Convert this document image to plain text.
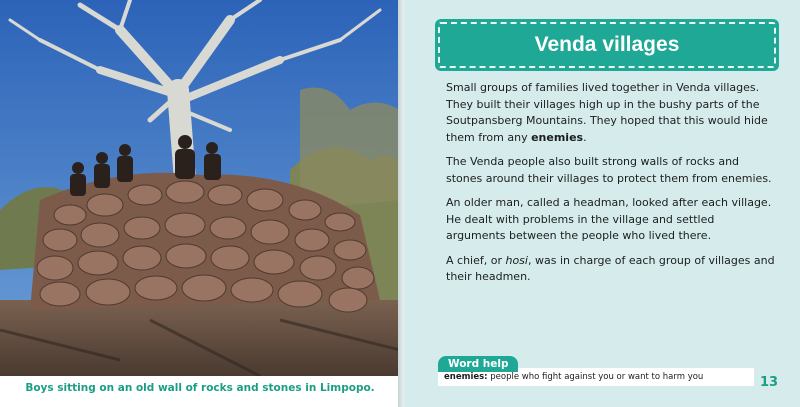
Boys sitting on an old wall of rocks and stones in Limpopo.
Venda villages

Small groups of families lived together in Venda villages. They built their villages high up in the bushy parts of the Soutpansberg Mountains. They hoped that this would hide them from any enemies.

The Venda people also built strong walls of rocks and stones around their villages to protect them from enemies.

An older man, called a headman, looked after each village. He dealt with problems in the village and settled arguments between the people who lived there.

A chief, or hosi, was in charge of each group of villages and their headmen.

Word help
enemies: people who fight against you or want to harm you	13
